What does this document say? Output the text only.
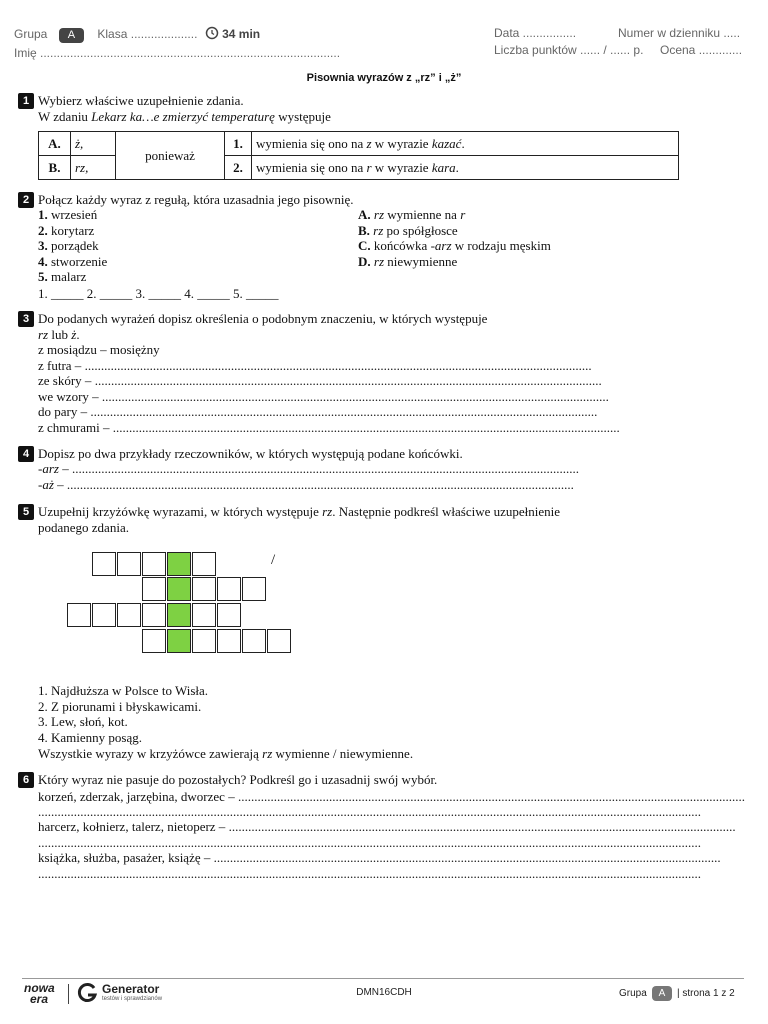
Grupa A Klasa .................... 34 min
Imię ..........................................................................................
Data ................	Numer w dzienniku .....
Liczba punktów ...... / ...... p. Ocena .............
Pisownia wyrazów z „rz” i „ż”
1 Wybierz właściwe uzupełnienie zdania.
W zdaniu Lekarz ka…e zmierzyć temperaturę występuje
A.	ż,	ponieważ	1.	wymienia się ono na z w wyrazie kazać.
B.	rz,		2.	wymienia się ono na r w wyrazie kara.
2 Połącz każdy wyraz z regułą, która uzasadnia jego pisownię.
1. wrzesień
2. korytarz
3. porządek
4. stworzenie
5. malarz
A. rz wymienne na r
B. rz po spółgłosce
C. końcówka -arz w rodzaju męskim
D. rz niewymienne
1. _____ 2. _____ 3. _____ 4. _____ 5. _____
3 Do podanych wyrażeń dopisz określenia o podobnym znaczeniu, w których występuje
rz lub ż.
z mosiądzu – mosiężny
z futra – ............................................................................................................................................................
ze skóry – ............................................................................................................................................................
we wzory – ............................................................................................................................................................
do pary – ............................................................................................................................................................
z chmurami – ............................................................................................................................................................
4 Dopisz po dwa przykłady rzeczowników, w których występują podane końcówki.
-arz – ............................................................................................................................................................
-aż – ............................................................................................................................................................
5 Uzupełnij krzyżówkę wyrazami, w których występuje rz. Następnie podkreśl właściwe uzupełnienie
podanego zdania.
/
1. Najdłuższa w Polsce to Wisła.
2. Z piorunami i błyskawicami.
3. Lew, słoń, kot.
4. Kamienny posąg.
Wszystkie wyrazy w krzyżówce zawierają rz wymienne / niewymienne.
6 Który wyraz nie pasuje do pozostałych? Podkreśl go i uzasadnij swój wybór.
korzeń, zderzak, jarzębina, dworzec – ............................................................................................................................................................
............................................................................................................................................................................................................
harcerz, kołnierz, talerz, nietoperz – ............................................................................................................................................................
............................................................................................................................................................................................................
książka, służba, pasażer, książę – ............................................................................................................................................................
............................................................................................................................................................................................................
nowa
era
Generator
testów i sprawdzianów
DMN16CDH	Grupa A | strona 1 z 2
